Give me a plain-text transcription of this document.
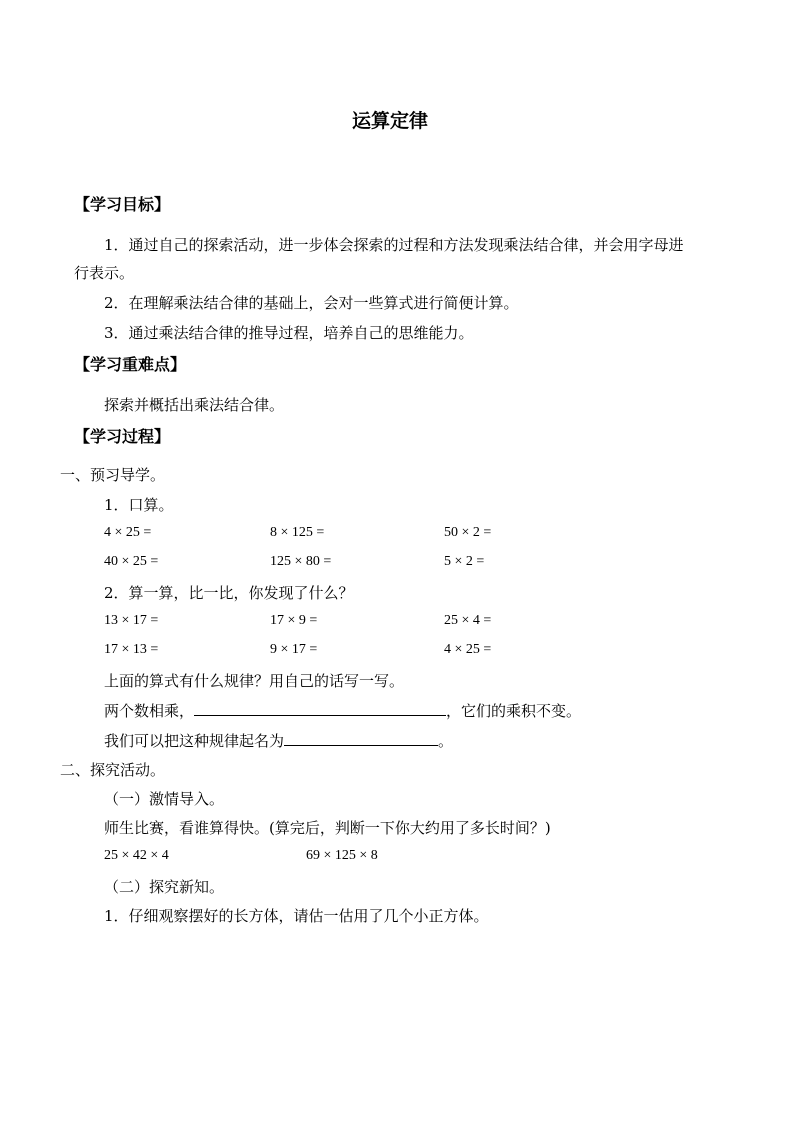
运算定律
【学习目标】
1．通过自己的探索活动，进一步体会探索的过程和方法发现乘法结合律，并会用字母进
行表示。
2．在理解乘法结合律的基础上，会对一些算式进行简便计算。
3．通过乘法结合律的推导过程，培养自己的思维能力。
【学习重难点】
探索并概括出乘法结合律。
【学习过程】
一、预习导学。
1．口算。
4 × 25 =	8 × 125 =	50 × 2 =
40 × 25 =	125 × 80 =	5 × 2 =
2．算一算，比一比，你发现了什么？
13 × 17 =	17 × 9 =	25 × 4 =
17 × 13 =	9 × 17 =	4 × 25 =
上面的算式有什么规律？用自己的话写一写。
两个数相乘，	，它们的乘积不变。
我们可以把这种规律起名为	。
二、探究活动。
（一）激情导入。
师生比赛，看谁算得快。(算完后，判断一下你大约用了多长时间？)
25 × 42 × 4	69 × 125 × 8
（二）探究新知。
1．仔细观察摆好的长方体，请估一估用了几个小正方体。
